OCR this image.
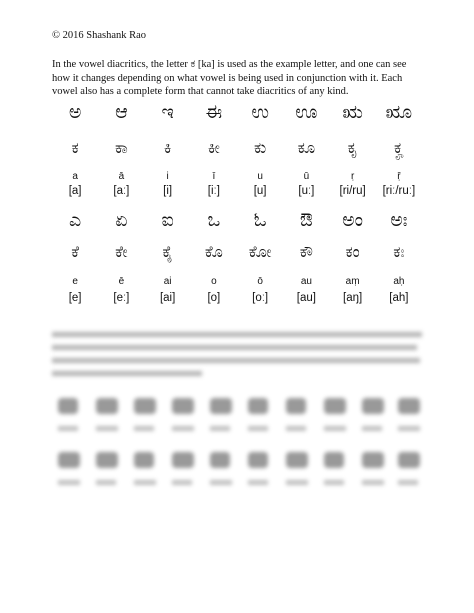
© 2016 Shashank Rao
In the vowel diacritics, the letter ಕ [ka] is used as the example letter, and one can see how it changes depending on what vowel is being used in conjunction with it. Each vowel also has a complete form that cannot take diacritics of any kind.
ಅ	ಆ	ಇ	ಈ	ಉ	ಊ	ಋ	ೠ
ಕ	ಕಾ	ಕಿ	ಕೀ	ಕು	ಕೂ	ಕೃ	ಕೄ
a	ā	i	ī	u	ū	ṛ	ṝ
[a]	[aː]	[i]	[iː]	[u]	[uː]	[ri/ru]	[riː/ruː]
ಎ	ಏ	ಐ	ಒ	ಓ	ಔ	ಅಂ	ಅಃ
ಕೆ	ಕೇ	ಕೈ	ಕೊ	ಕೋ	ಕೌ	ಕಂ	ಕಃ
e	ē	ai	o	ō	au	aṃ	aḥ
[e]	[eː]	[ai]	[o]	[oː]	[au]	[aŋ]	[ah]
